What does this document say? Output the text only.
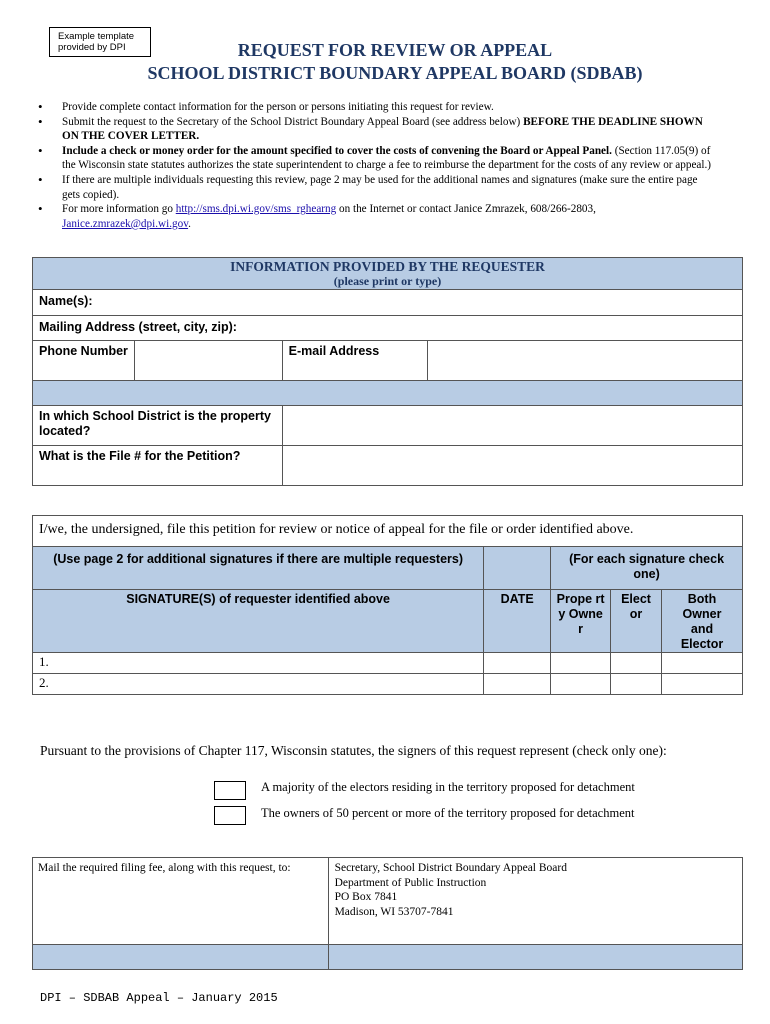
Example template provided by DPI	REQUEST FOR REVIEW OR APPEAL
SCHOOL DISTRICT BOUNDARY APPEAL BOARD (SDBAB)
• Provide complete contact information for the person or persons initiating this request for review.
• Submit the request to the Secretary of the School District Boundary Appeal Board (see address below) BEFORE THE DEADLINE SHOWN ON THE COVER LETTER.
• Include a check or money order for the amount specified to cover the costs of convening the Board or Appeal Panel. (Section 117.05(9) of the Wisconsin state statutes authorizes the state superintendent to charge a fee to reimburse the department for the costs of any review or appeal.)
• If there are multiple individuals requesting this review, page 2 may be used for the additional names and signatures (make sure the entire page gets copied).
• For more information go http://sms.dpi.wi.gov/sms_rghearng on the Internet or contact Janice Zmrazek, 608/266-2803, Janice.zmrazek@dpi.wi.gov.
INFORMATION PROVIDED BY THE REQUESTER
(please print or type)			

Name(s):			
Mailing Address (street, city, zip):			
Phone Number		E-mail Address	

In which School District is the property located?			
What is the File # for the Petition?			
I/we, the undersigned, file this petition for review or notice of appeal for the file or order identified above.				
(Use page 2 for additional signatures if there are multiple requesters)		(For each signature check one)		
SIGNATURE(S) of requester identified above	DATE	Prope rty Owne r	Elect or	Both Owner and Elector
1.				
2.				
Pursuant to the provisions of Chapter 117, Wisconsin statutes, the signers of this request represent (check only one):
A majority of the electors residing in the territory proposed for detachment
The owners of 50 percent or more of the territory proposed for detachment
Mail the required filing fee, along with this request, to:	Secretary, School District Boundary Appeal Board
Department of Public Instruction
PO Box 7841
Madison, WI 53707-7841

DPI – SDBAB Appeal – January 2015
